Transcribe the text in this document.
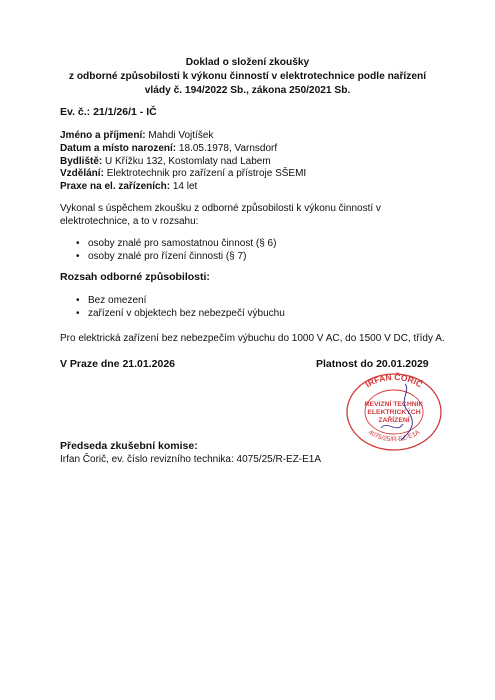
Doklad o složení zkoušky
z odborné způsobilosti k výkonu činností v elektrotechnice podle nařízení
vlády č. 194/2022 Sb., zákona 250/2021 Sb.
Ev. č.: 21/1/26/1 - IČ
Jméno a příjmení: Mahdi Vojtíšek
Datum a místo narození: 18.05.1978, Varnsdorf
Bydliště: U Křížku 132, Kostomlaty nad Labem
Vzdělání: Elektrotechnik pro zařízení a přístroje SŠEMI
Praxe na el. zařízeních: 14 let
Vykonal s úspěchem zkoušku z odborné způsobilosti k výkonu činností v elektrotechnice, a to v rozsahu:
• osoby znalé pro samostatnou činnost (§ 6)
• osoby znalé pro řízení činnosti (§ 7)
Rozsah odborné způsobilosti:
• Bez omezení
• zařízení v objektech bez nebezpečí výbuchu
Pro elektrická zařízení bez nebezpečím výbuchu do 1000 V AC, do 1500 V DC, třídy A.
V Praze dne 21.01.2026	Platnost do 20.01.2029
IRFAN ČORIĆ
REVIZNÍ TECHNIK
ELEKTRICKÝCH
ZAŘÍZENÍ
4075/25/R-EZ-E1A
Předseda zkušební komise:
Irfan Čorič, ev. číslo revizního technika: 4075/25/R-EZ-E1A
